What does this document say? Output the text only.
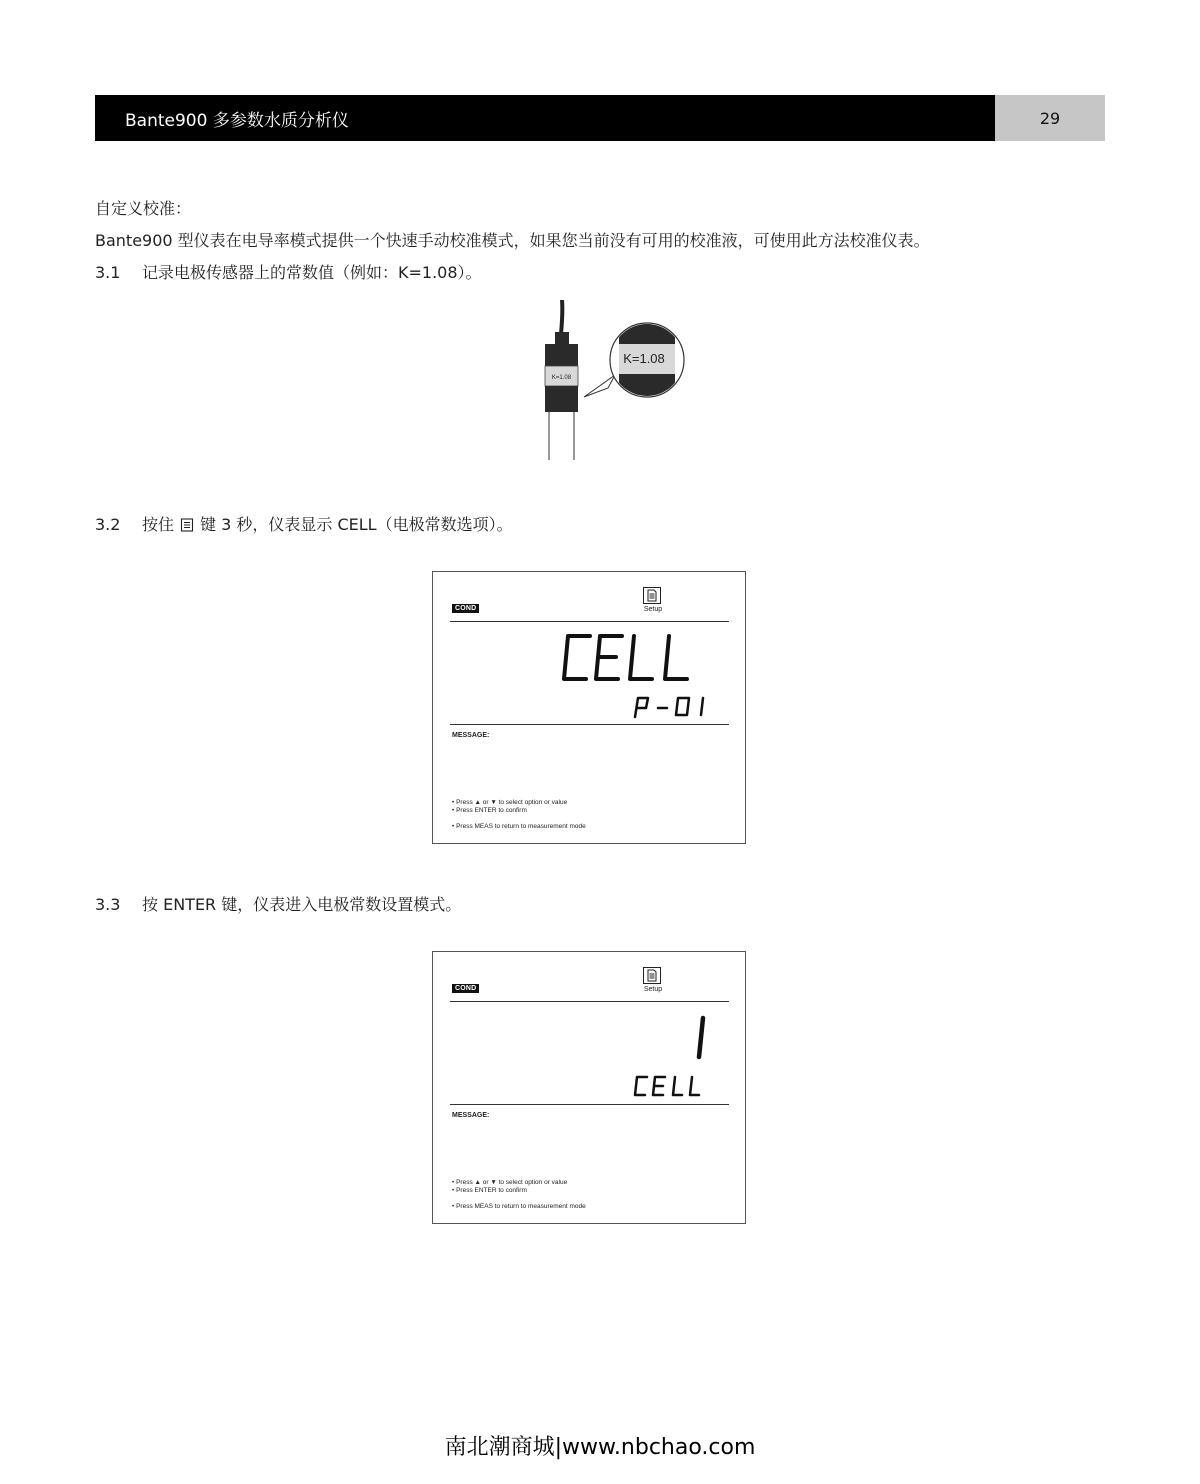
Bante900 多参数水质分析仪	29
自定义校准：
Bante900 型仪表在电导率模式提供一个快速手动校准模式，如果您当前没有可用的校准液，可使用此方法校准仪表。
3.1 记录电极传感器上的常数值（例如：K=1.08）。
K=1.08
K=1.08
3.2 按住 键 3 秒，仪表显示 CELL（电极常数选项）。
COND	Setup
CELL
P-01
MESSAGE:
• Press ▲ or ▼ to select option or value
• Press ENTER to confirm
• Press MEAS to return to measurement mode
3.3 按 ENTER 键，仪表进入电极常数设置模式。
COND	Setup
1
CELL
MESSAGE:
• Press ▲ or ▼ to select option or value
• Press ENTER to confirm
• Press MEAS to return to measurement mode
南北潮商城|www.nbchao.com
